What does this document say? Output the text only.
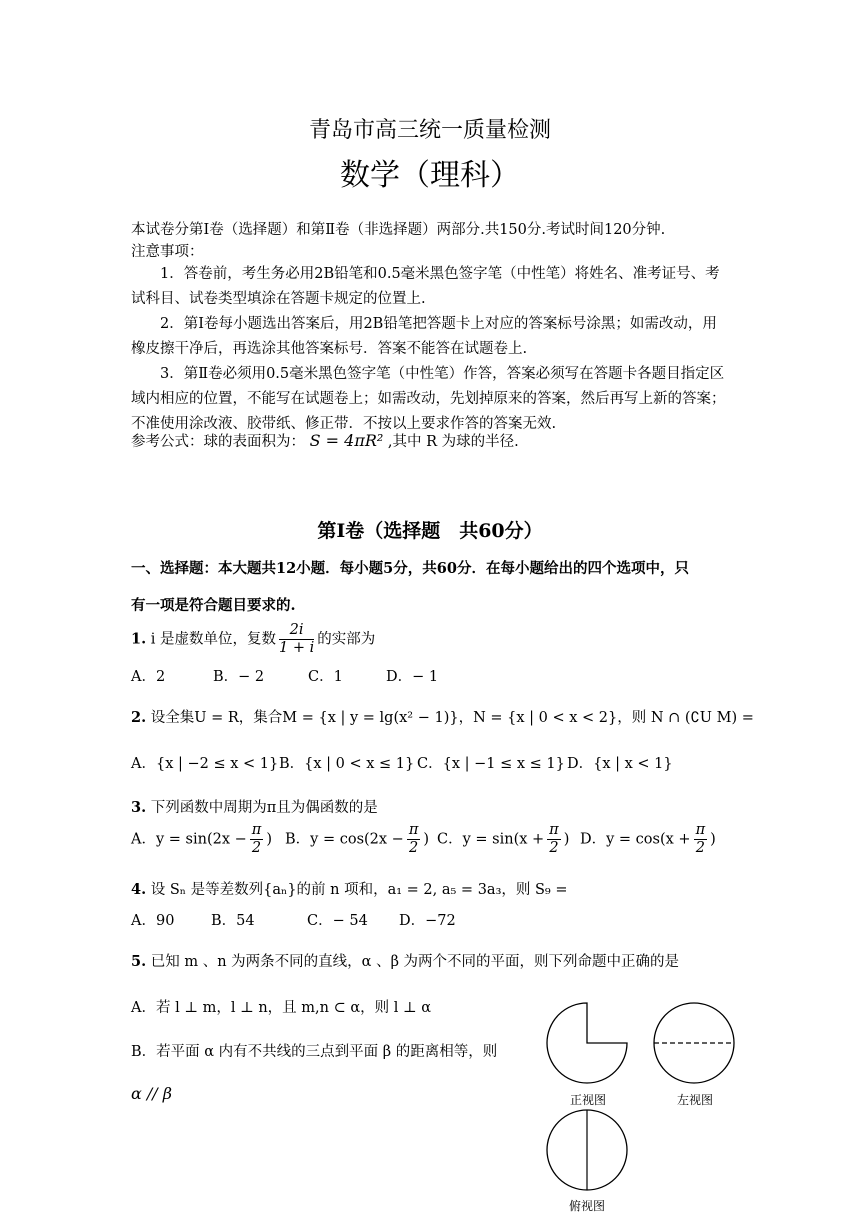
青岛市高三统一质量检测
数学（理科）
本试卷分第Ⅰ卷（选择题）和第Ⅱ卷（非选择题）两部分.共150分.考试时间120分钟.
注意事项：
1．答卷前，考生务必用2B铅笔和0.5毫米黑色签字笔（中性笔）将姓名、准考证号、考试科目、试卷类型填涂在答题卡规定的位置上.
2．第Ⅰ卷每小题选出答案后，用2B铅笔把答题卡上对应的答案标号涂黑；如需改动，用橡皮擦干净后，再选涂其他答案标号．答案不能答在试题卷上.
3．第Ⅱ卷必须用0.5毫米黑色签字笔（中性笔）作答，答案必须写在答题卡各题目指定区域内相应的位置，不能写在试题卷上；如需改动，先划掉原来的答案，然后再写上新的答案；不准使用涂改液、胶带纸、修正带．不按以上要求作答的答案无效.
参考公式：球的表面积为： S = 4πR² ,其中 R 为球的半径.
第Ⅰ卷（选择题　共60分）
一、选择题：本大题共12小题．每小题5分，共60分．在每小题给出的四个选项中，只
有一项是符合题目要求的.
1. i 是虚数单位，复数 $\frac{2i}{1 + i}$ 的实部为
A．2	B．− 2	C．1	D．− 1
2. 设全集U = R，集合M = {x | y = lg(x² − 1)}，N = {x | 0 < x < 2}，则 N ∩ (∁U M) =
A．{x | −2 ≤ x < 1} B．{x | 0 < x ≤ 1} C．{x | −1 ≤ x ≤ 1} D．{x | x < 1}
3. 下列函数中周期为π且为偶函数的是
A．$y = \sin(2x - \frac{\pi}{2}$ ) B．$y = \cos(2x - \frac{\pi}{2}$ ) C．$y = \sin(x + \frac{\pi}{2}$ ) D．$y = \cos(x + \frac{\pi}{2}$ )
4. 设 Sₙ 是等差数列{aₙ}的前 n 项和，a₁ = 2, a₅ = 3a₃，则 S₉ =
A．90	B．54	C．− 54 D．−72
5. 已知 m 、n 为两条不同的直线，α 、β 为两个不同的平面，则下列命题中正确的是
A．若 l ⊥ m，l ⊥ n，且 m,n ⊂ α，则 l ⊥ α
B．若平面 α 内有不共线的三点到平面 β 的距离相等，则
α // β	正视图	左视图
俯视图
